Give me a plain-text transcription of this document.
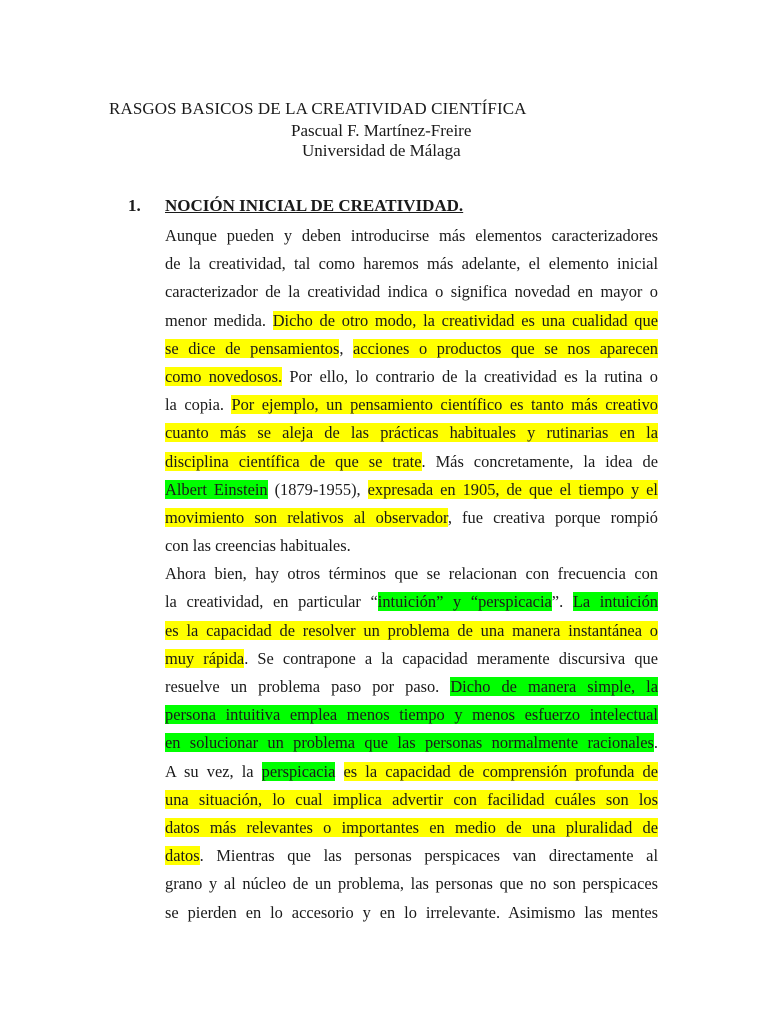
RASGOS BASICOS DE LA CREATIVIDAD CIENTÍFICA
Pascual F. Martínez-Freire
Universidad de Málaga
1. NOCIÓN INICIAL DE CREATIVIDAD.
Aunque pueden y deben introducirse más elementos caracterizadores
de la creatividad, tal como haremos más adelante, el elemento inicial
caracterizador de la creatividad indica o significa novedad en mayor o
menor medida. Dicho de otro modo, la creatividad es una cualidad que
se dice de pensamientos, acciones o productos que se nos aparecen
como novedosos. Por ello, lo contrario de la creatividad es la rutina o
la copia. Por ejemplo, un pensamiento científico es tanto más creativo
cuanto más se aleja de las prácticas habituales y rutinarias en la
disciplina científica de que se trate. Más concretamente, la idea de
Albert Einstein (1879-1955), expresada en 1905, de que el tiempo y el
movimiento son relativos al observador, fue creativa porque rompió
con las creencias habituales.
Ahora bien, hay otros términos que se relacionan con frecuencia con
la creatividad, en particular “intuición” y “perspicacia”. La intuición
es la capacidad de resolver un problema de una manera instantánea o
muy rápida. Se contrapone a la capacidad meramente discursiva que
resuelve un problema paso por paso. Dicho de manera simple, la
persona intuitiva emplea menos tiempo y menos esfuerzo intelectual
en solucionar un problema que las personas normalmente racionales.
A su vez, la perspicacia es la capacidad de comprensión profunda de
una situación, lo cual implica advertir con facilidad cuáles son los
datos más relevantes o importantes en medio de una pluralidad de
datos. Mientras que las personas perspicaces van directamente al
grano y al núcleo de un problema, las personas que no son perspicaces
se pierden en lo accesorio y en lo irrelevante. Asimismo las mentes
